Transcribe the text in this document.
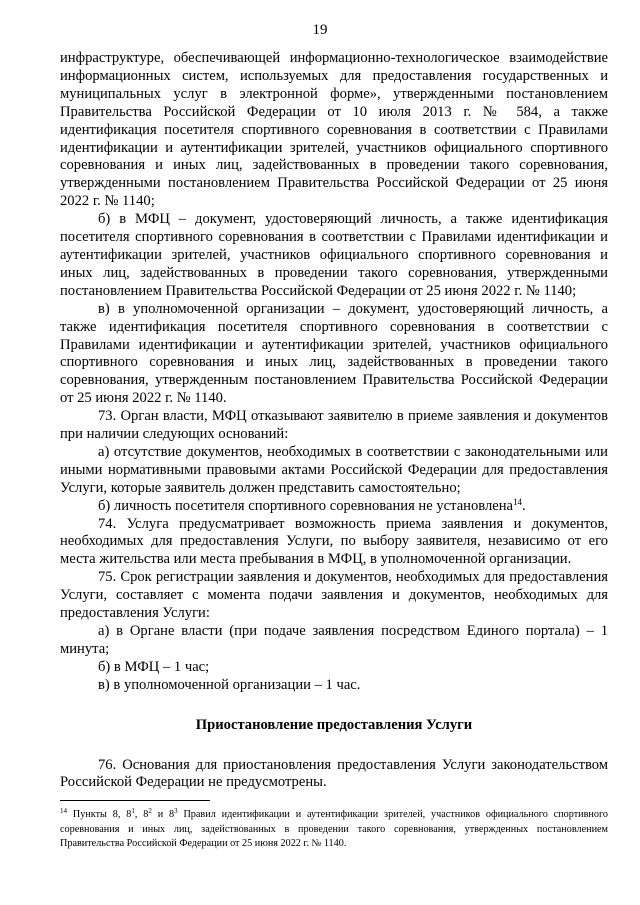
19

инфраструктуре, обеспечивающей информационно-технологическое взаимодействие информационных систем, используемых для предоставления государственных и муниципальных услуг в электронной форме», утвержденными постановлением Правительства Российской Федерации от 10 июля 2013 г. № 584, а также идентификация посетителя спортивного соревнования в соответствии с Правилами идентификации и аутентификации зрителей, участников официального спортивного соревнования и иных лиц, задействованных в проведении такого соревнования, утвержденными постановлением Правительства Российской Федерации от 25 июня 2022 г. № 1140;

б) в МФЦ – документ, удостоверяющий личность, а также идентификация посетителя спортивного соревнования в соответствии с Правилами идентификации и аутентификации зрителей, участников официального спортивного соревнования и иных лиц, задействованных в проведении такого соревнования, утвержденными постановлением Правительства Российской Федерации от 25 июня 2022 г. № 1140;

в) в уполномоченной организации – документ, удостоверяющий личность, а также идентификация посетителя спортивного соревнования в соответствии с Правилами идентификации и аутентификации зрителей, участников официального спортивного соревнования и иных лиц, задействованных в проведении такого соревнования, утвержденным постановлением Правительства Российской Федерации от 25 июня 2022 г. № 1140.

73. Орган власти, МФЦ отказывают заявителю в приеме заявления и документов при наличии следующих оснований:

а) отсутствие документов, необходимых в соответствии с законодательными или иными нормативными правовыми актами Российской Федерации для предоставления Услуги, которые заявитель должен представить самостоятельно;

б) личность посетителя спортивного соревнования не установлена$^{14}$.

74. Услуга предусматривает возможность приема заявления и документов, необходимых для предоставления Услуги, по выбору заявителя, независимо от его места жительства или места пребывания в МФЦ, в уполномоченной организации.

75. Срок регистрации заявления и документов, необходимых для предоставления Услуги, составляет с момента подачи заявления и документов, необходимых для предоставления Услуги:

а) в Органе власти (при подаче заявления посредством Единого портала) – 1 минута;

б) в МФЦ – 1 час;

в) в уполномоченной организации – 1 час.

Приостановление предоставления Услуги

76. Основания для приостановления предоставления Услуги законодательством Российской Федерации не предусмотрены.

$^{14}$ Пункты 8, $8^1$, $8^2$ и $8^3$ Правил идентификации и аутентификации зрителей, участников официального спортивного соревнования и иных лиц, задействованных в проведении такого соревнования, утвержденных постановлением Правительства Российской Федерации от 25 июня 2022 г. № 1140.
